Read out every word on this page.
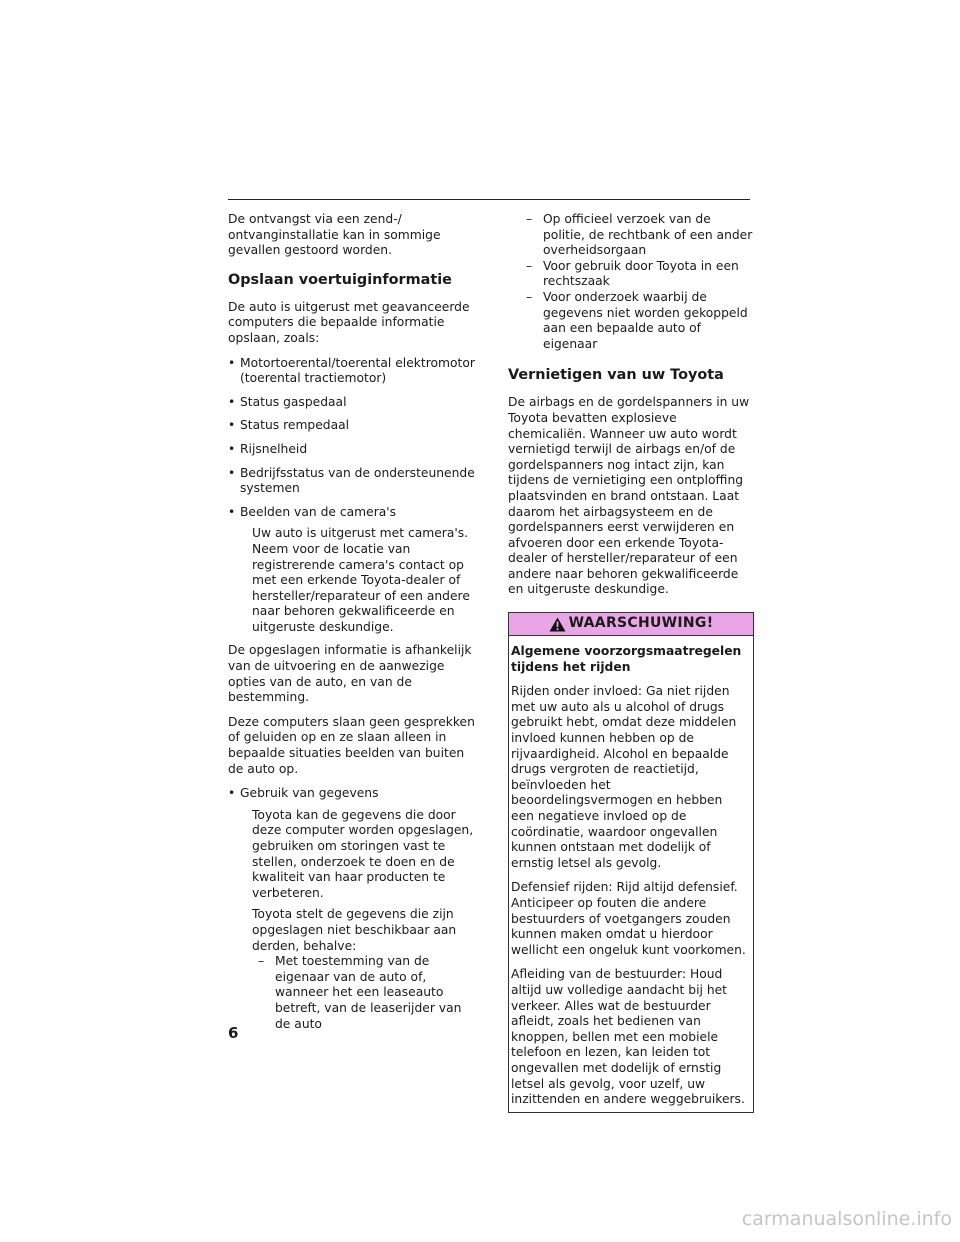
De ontvangst via een zend-/ ontvanginstallatie kan in sommige gevallen gestoord worden.

Opslaan voertuiginformatie

De auto is uitgerust met geavanceerde computers die bepaalde informatie opslaan, zoals:

• Motortoerental/toerental elektromotor (toerental tractiemotor)
• Status gaspedaal
• Status rempedaal
• Rijsnelheid
• Bedrijfsstatus van de ondersteunende systemen
• Beelden van de camera's
Uw auto is uitgerust met camera's. Neem voor de locatie van registrerende camera's contact op met een erkende Toyota-dealer of hersteller/reparateur of een andere naar behoren gekwalificeerde en uitgeruste deskundige.

De opgeslagen informatie is afhankelijk van de uitvoering en de aanwezige opties van de auto, en van de bestemming.

Deze computers slaan geen gesprekken of geluiden op en ze slaan alleen in bepaalde situaties beelden van buiten de auto op.

• Gebruik van gegevens
Toyota kan de gegevens die door deze computer worden opgeslagen, gebruiken om storingen vast te stellen, onderzoek te doen en de kwaliteit van haar producten te verbeteren.
Toyota stelt de gegevens die zijn opgeslagen niet beschikbaar aan derden, behalve:
– Met toestemming van de eigenaar van de auto of, wanneer het een leaseauto betreft, van de leaserijder van de auto
– Op officieel verzoek van de politie, de rechtbank of een ander overheidsorgaan
– Voor gebruik door Toyota in een rechtszaak
– Voor onderzoek waarbij de gegevens niet worden gekoppeld aan een bepaalde auto of eigenaar
Vernietigen van uw Toyota

De airbags en de gordelspanners in uw Toyota bevatten explosieve chemicaliën. Wanneer uw auto wordt vernietigd terwijl de airbags en/of de gordelspanners nog intact zijn, kan tijdens de vernietiging een ontploffing plaatsvinden en brand ontstaan. Laat daarom het airbagsysteem en de gordelspanners eerst verwijderen en afvoeren door een erkende Toyota-dealer of hersteller/reparateur of een andere naar behoren gekwalificeerde en uitgeruste deskundige.

WAARSCHUWING!

Algemene voorzorgsmaatregelen tijdens het rijden

Rijden onder invloed: Ga niet rijden met uw auto als u alcohol of drugs gebruikt hebt, omdat deze middelen invloed kunnen hebben op de rijvaardigheid. Alcohol en bepaalde drugs vergroten de reactietijd, beïnvloeden het beoordelingsvermogen en hebben een negatieve invloed op de coördinatie, waardoor ongevallen kunnen ontstaan met dodelijk of ernstig letsel als gevolg.

Defensief rijden: Rijd altijd defensief. Anticipeer op fouten die andere bestuurders of voetgangers zouden kunnen maken omdat u hierdoor wellicht een ongeluk kunt voorkomen.

Afleiding van de bestuurder: Houd altijd uw volledige aandacht bij het verkeer. Alles wat de bestuurder afleidt, zoals het bedienen van knoppen, bellen met een mobiele telefoon en lezen, kan leiden tot ongevallen met dodelijk of ernstig letsel als gevolg, voor uzelf, uw inzittenden en andere weggebruikers.

6
carmanualsonline.info
